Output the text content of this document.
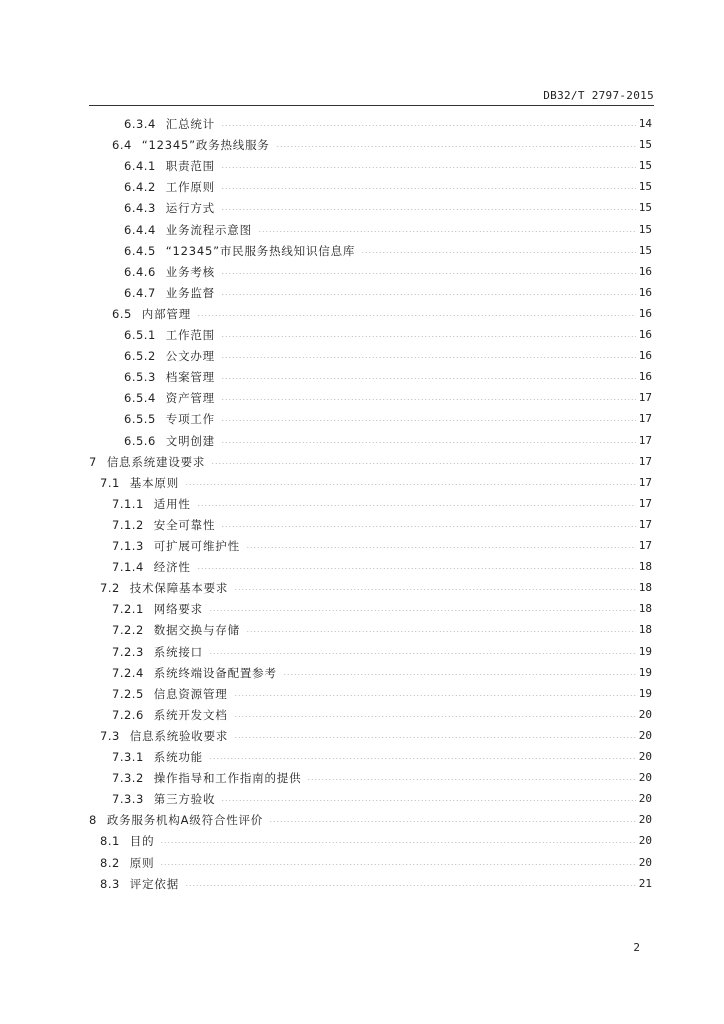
DB32/T 2797-2015
6.3.4 汇总统计	14
6.4 “12345”政务热线服务	15
6.4.1 职责范围	15
6.4.2 工作原则	15
6.4.3 运行方式	15
6.4.4 业务流程示意图	15
6.4.5 “12345”市民服务热线知识信息库	15
6.4.6 业务考核	16
6.4.7 业务监督	16
6.5 内部管理	16
6.5.1 工作范围	16
6.5.2 公文办理	16
6.5.3 档案管理	16
6.5.4 资产管理	17
6.5.5 专项工作	17
6.5.6 文明创建	17
7 信息系统建设要求	17
7.1 基本原则	17
7.1.1 适用性	17
7.1.2 安全可靠性	17
7.1.3 可扩展可维护性	17
7.1.4 经济性	18
7.2 技术保障基本要求	18
7.2.1 网络要求	18
7.2.2 数据交换与存储	18
7.2.3 系统接口	19
7.2.4 系统终端设备配置参考	19
7.2.5 信息资源管理	19
7.2.6 系统开发文档	20
7.3 信息系统验收要求	20
7.3.1 系统功能	20
7.3.2 操作指导和工作指南的提供	20
7.3.3 第三方验收	20
8 政务服务机构A级符合性评价	20
8.1 目的	20
8.2 原则	20
8.3 评定依据	21
2
